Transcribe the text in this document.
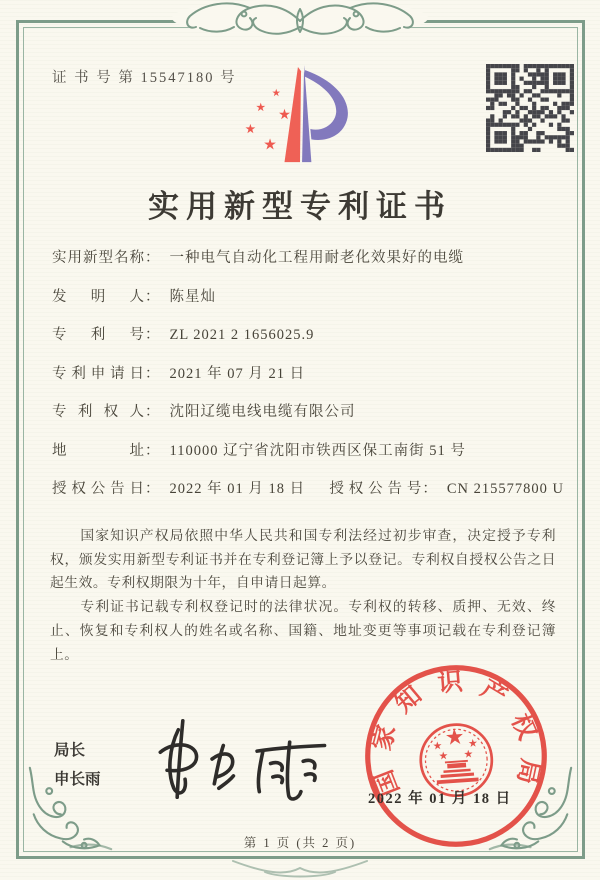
证 书 号 第 15547180 号
实用新型专利证书
实用新型名称 ： 一种电气自动化工程用耐老化效果好的电缆
发明人 ： 陈星灿
专利号 ： ZL 2021 2 1656025.9
专利申请日 ： 2021 年 07 月 21 日
专利权人 ： 沈阳辽缆电线电缆有限公司
地址 ： 110000 辽宁省沈阳市铁西区保工南街 51 号
授权公告日 ： 2022 年 01 月 18 日 授权公告号 ： CN 215577800 U

国家知识产权局依照中华人民共和国专利法经过初步审查，决定授予专利权，颁发实用新型专利证书并在专利登记簿上予以登记。专利权自授权公告之日起生效。专利权期限为十年，自申请日起算。

专利证书记载专利权登记时的法律状况。专利权的转移、质押、无效、终止、恢复和专利权人的姓名或名称、国籍、地址变更等事项记载在专利登记簿上。

局长
申长雨	国家知识产权局
2022 年 01 月 18 日
第 1 页 (共 2 页)
